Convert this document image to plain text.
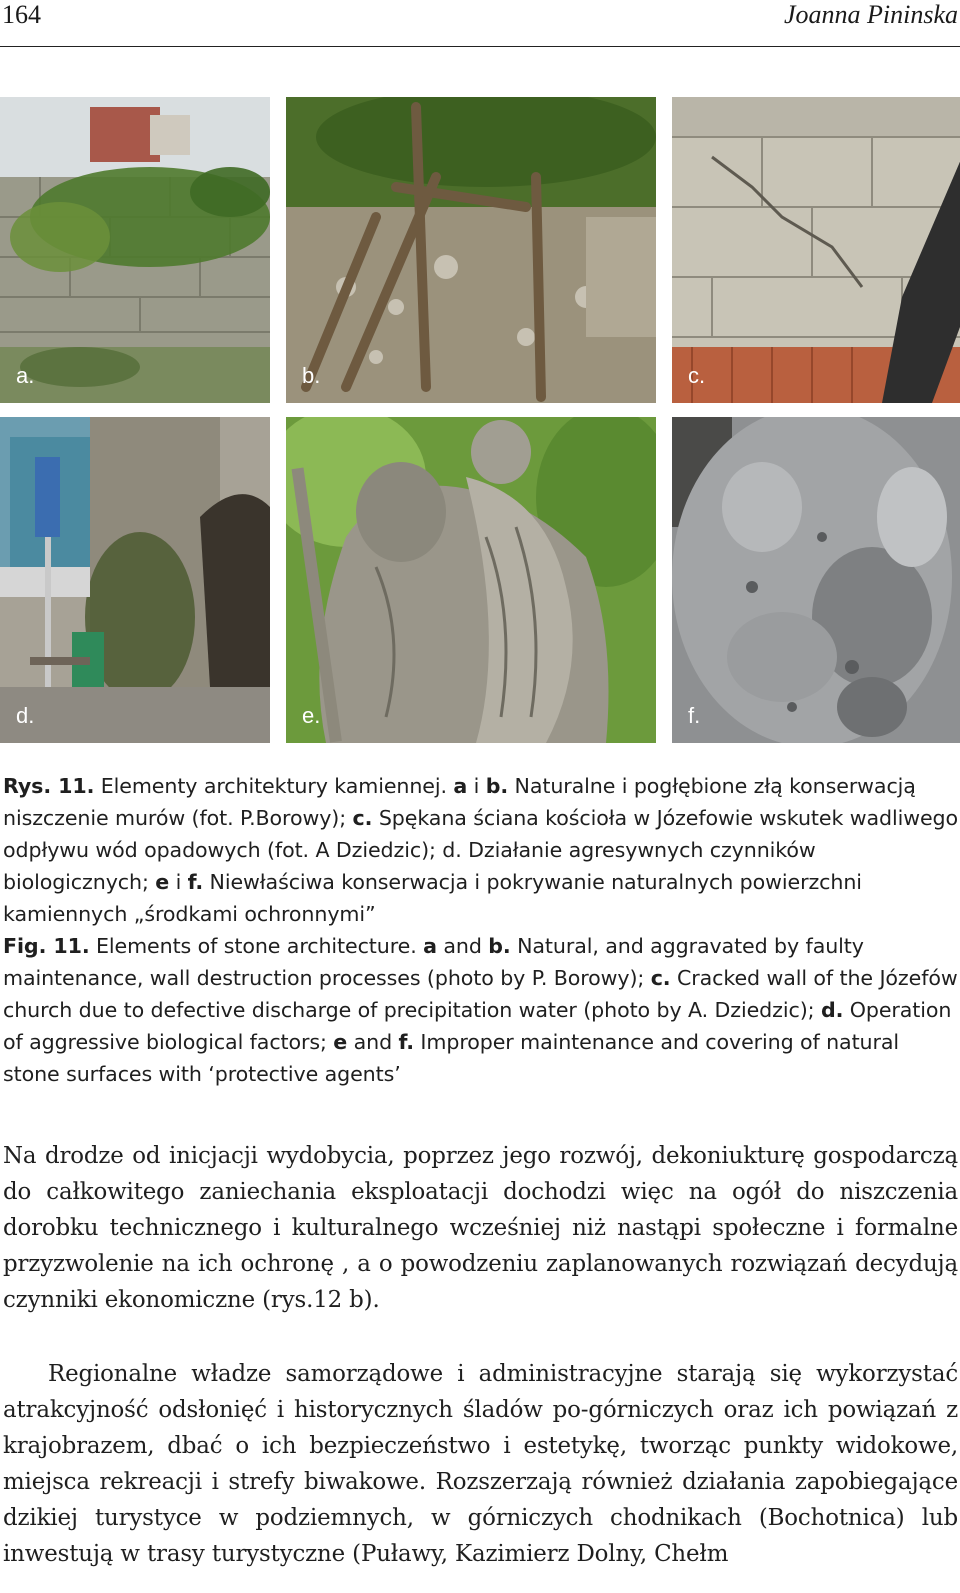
164	Joanna Pininska
a.	b.	c.
d.	e.	f.

Rys. 11. Elementy architektury kamiennej. a i b. Naturalne i pogłębione złą konserwacją niszczenie murów (fot. P.Borowy); c. Spękana ściana kościoła w Józefowie wskutek wadliwego odpływu wód opadowych (fot. A Dziedzic); d. Działanie agresywnych czynników biologicznych; e i f. Niewłaściwa konserwacja i pokrywanie naturalnych powierzchni kamiennych „środkami ochronnymi”

Fig. 11. Elements of stone architecture. a and b. Natural, and aggravated by faulty maintenance, wall destruction processes (photo by P. Borowy); c. Cracked wall of the Józefów church due to defective discharge of precipitation water (photo by A. Dziedzic); d. Operation of aggressive biological factors; e and f. Improper maintenance and covering of natural stone surfaces with ‘protective agents’

Na drodze od inicjacji wydobycia, poprzez jego rozwój, dekoniukturę gospodarczą do całkowitego zaniechania eksploatacji dochodzi więc na ogół do niszczenia dorobku technicznego i kulturalnego wcześniej niż nastąpi społeczne i formalne przyzwolenie na ich ochronę , a o powodzeniu zaplanowanych rozwiązań decydują czynniki ekonomiczne (rys.12 b).

Regionalne władze samorządowe i administracyjne starają się wykorzystać atrakcyjność odsłonięć i historycznych śladów po-górniczych oraz ich powiązań z krajobrazem, dbać o ich bezpieczeństwo i estetykę, tworząc punkty widokowe, miejsca rekreacji i strefy biwakowe. Rozszerzają również działania zapobiegające dzikiej turystyce w podziemnych, w górniczych chodnikach (Bochotnica) lub inwestują w trasy turystyczne (Puławy, Kazimierz Dolny, Chełm
